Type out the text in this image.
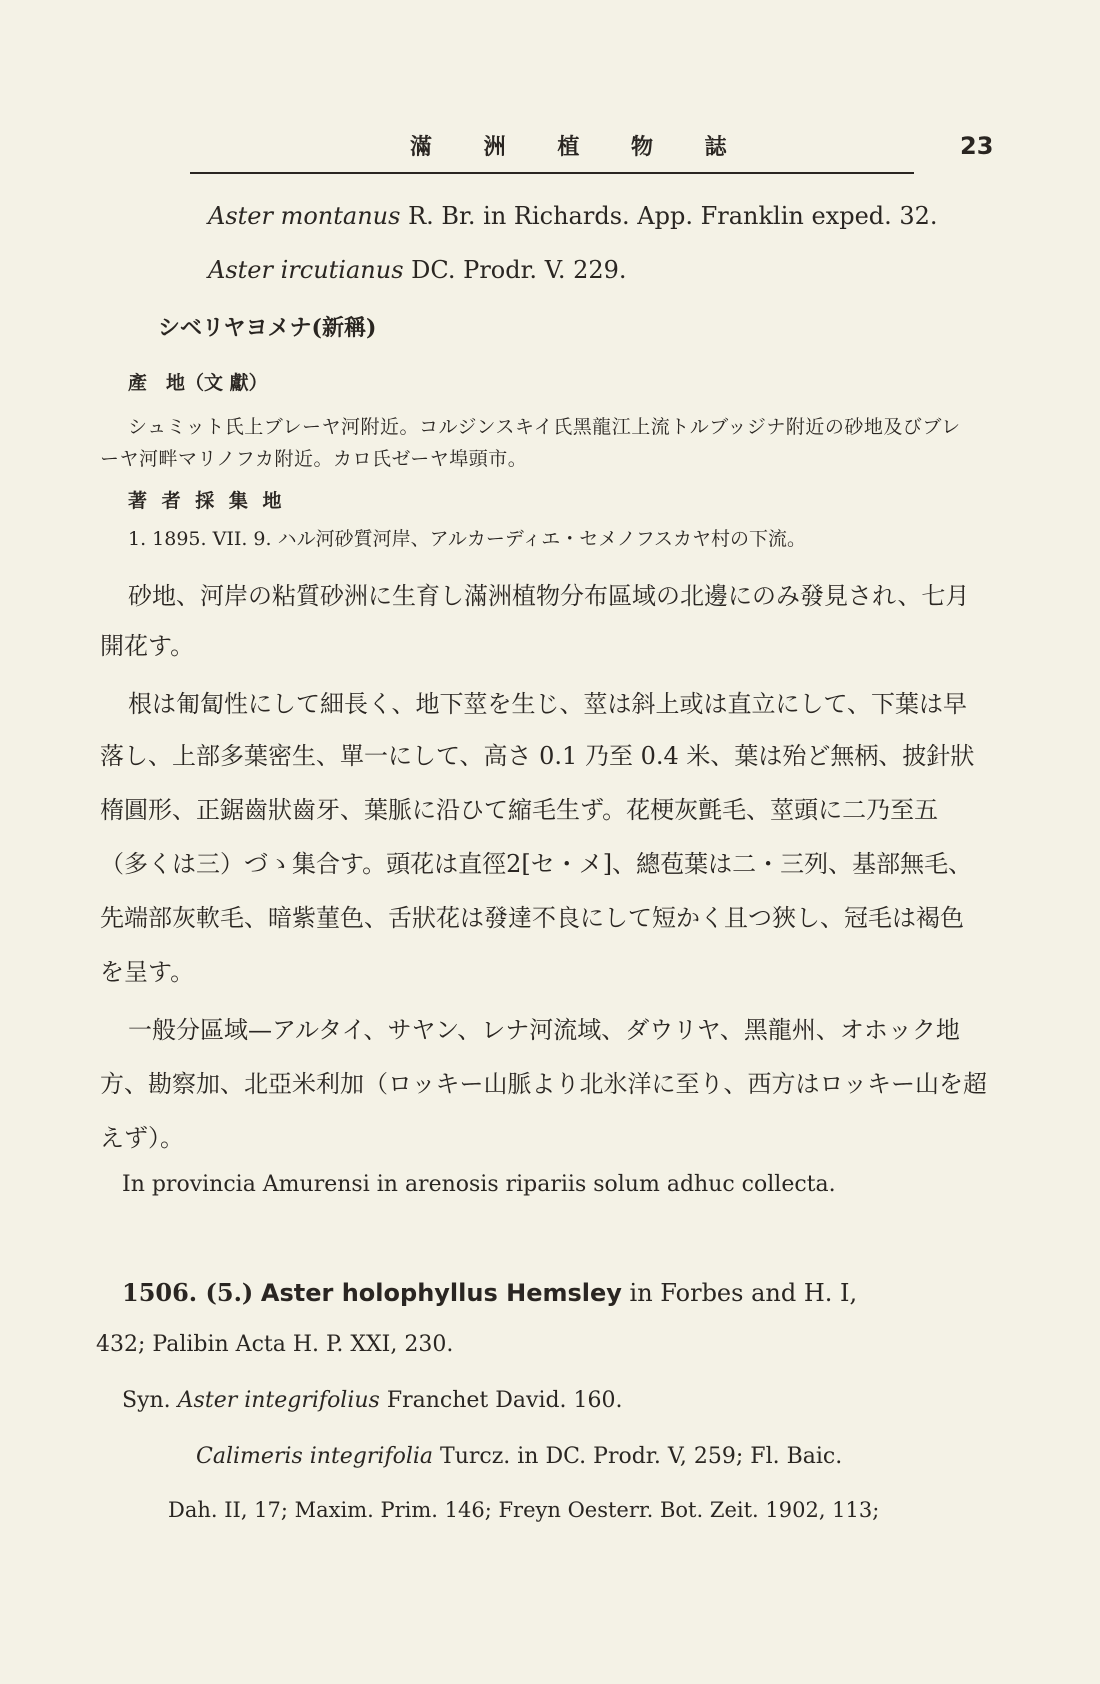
滿 洲 植 物 誌	23
Aster montanus R. Br. in Richards. App. Franklin exped. 32.
Aster ircutianus DC. Prodr. V. 229.
シベリヤヨメナ(新稱)
產　地（文 獻）
シュミット氏上ブレーヤ河附近。コルジンスキイ氏黑龍江上流トルブッジナ附近の砂地及びブレ
ーヤ河畔マリノフカ附近。カロ氏ゼーヤ埠頭市。
著 者 採 集 地
1. 1895. VII. 9. ハル河砂質河岸、アルカーディエ・セメノフスカヤ村の下流。
砂地、河岸の粘質砂洲に生育し滿洲植物分布區域の北邊にのみ發見され、七月
開花す。
根は匍匐性にして細長く、地下莖を生じ、莖は斜上或は直立にして、下葉は早
落し、上部多葉密生、單一にして、高さ 0.1 乃至 0.4 米、葉は殆ど無柄、披針狀
楕圓形、正鋸齒狀齒牙、葉脈に沿ひて縮毛生ず。花梗灰氈毛、莖頭に二乃至五
（多くは三）づゝ集合す。頭花は直徑2[セ・メ]、總苞葉は二・三列、基部無毛、
先端部灰軟毛、暗紫菫色、舌狀花は發達不良にして短かく且つ狹し、冠毛は褐色
を呈す。
一般分區域—アルタイ、サヤン、レナ河流域、ダウリヤ、黑龍州、オホック地
方、勘察加、北亞米利加（ロッキー山脈より北氷洋に至り、西方はロッキー山を超
えず）。
In provincia Amurensi in arenosis ripariis solum adhuc collecta.
1506. (5.) Aster holophyllus Hemsley in Forbes and H. I,
432; Palibin Acta H. P. XXI, 230.
Syn. Aster integrifolius Franchet David. 160.
Calimeris integrifolia Turcz. in DC. Prodr. V, 259; Fl. Baic.
Dah. II, 17; Maxim. Prim. 146; Freyn Oesterr. Bot. Zeit. 1902, 113;
